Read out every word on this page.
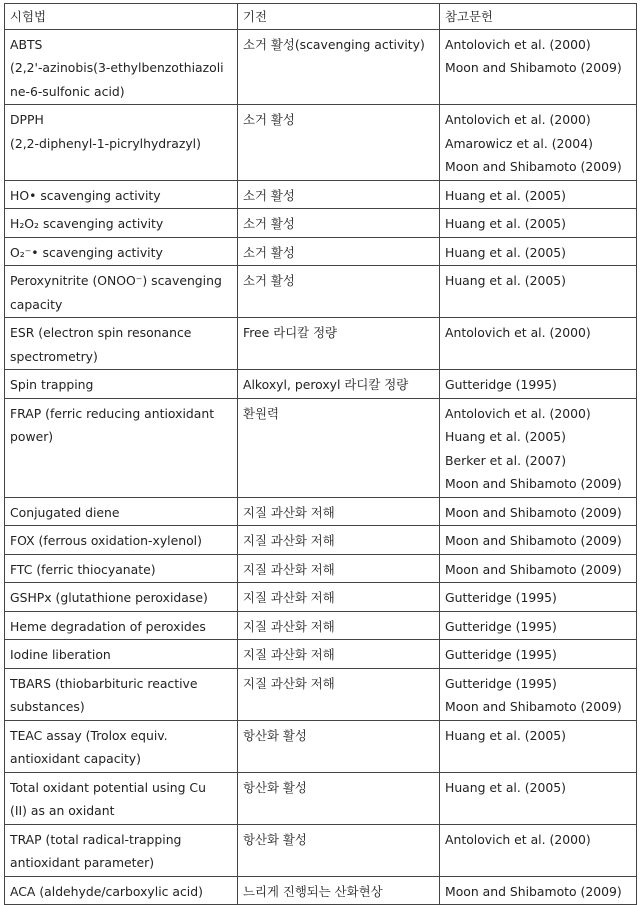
시험법	기전	참고문헌

ABTS
(2,2'-azinobis(3-ethylbenzothiazoli
ne-6-sulfonic acid)	소거 활성(scavenging activity)	Antolovich et al. (2000)
Moon and Shibamoto (2009)

DPPH
(2,2-diphenyl-1-picrylhydrazyl)	소거 활성	Antolovich et al. (2000)
Amarowicz et al. (2004)
Moon and Shibamoto (2009)

HO• scavenging activity	소거 활성	Huang et al. (2005)

H₂O₂ scavenging activity	소거 활성	Huang et al. (2005)

O₂⁻• scavenging activity	소거 활성	Huang et al. (2005)

Peroxynitrite (ONOO⁻) scavenging
capacity	소거 활성	Huang et al. (2005)

ESR (electron spin resonance
spectrometry)	Free 라디칼 정량	Antolovich et al. (2000)

Spin trapping	Alkoxyl, peroxyl 라디칼 정량	Gutteridge (1995)

FRAP (ferric reducing antioxidant
power)	환원력	Antolovich et al. (2000)
Huang et al. (2005)
Berker et al. (2007)
Moon and Shibamoto (2009)

Conjugated diene	지질 과산화 저해	Moon and Shibamoto (2009)

FOX (ferrous oxidation-xylenol)	지질 과산화 저해	Moon and Shibamoto (2009)

FTC (ferric thiocyanate)	지질 과산화 저해	Moon and Shibamoto (2009)

GSHPx (glutathione peroxidase)	지질 과산화 저해	Gutteridge (1995)

Heme degradation of peroxides	지질 과산화 저해	Gutteridge (1995)

Iodine liberation	지질 과산화 저해	Gutteridge (1995)

TBARS (thiobarbituric reactive
substances)	지질 과산화 저해	Gutteridge (1995)
Moon and Shibamoto (2009)

TEAC assay (Trolox equiv.
antioxidant capacity)	항산화 활성	Huang et al. (2005)

Total oxidant potential using Cu
(II) as an oxidant	항산화 활성	Huang et al. (2005)

TRAP (total radical-trapping
antioxidant parameter)	항산화 활성	Antolovich et al. (2000)

ACA (aldehyde/carboxylic acid)	느리게 진행되는 산화현상	Moon and Shibamoto (2009)
